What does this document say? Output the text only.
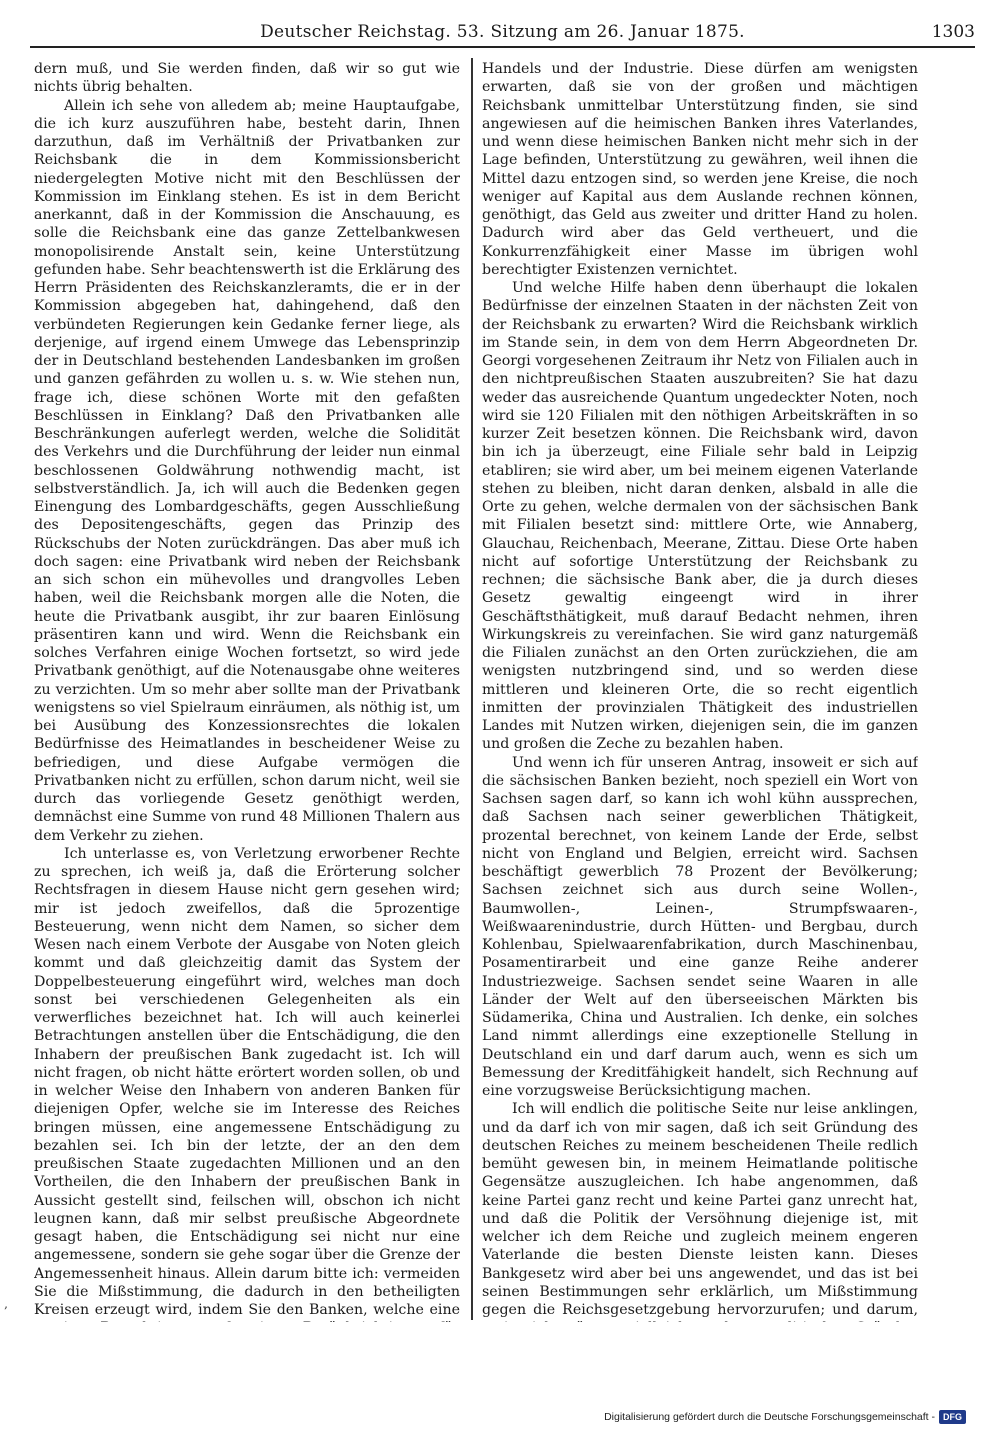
Deutscher Reichstag. 53. Sitzung am 26. Januar 1875.	1303

dern muß, und Sie werden finden, daß wir so gut wie nichts übrig behalten.

Allein ich sehe von alledem ab; meine Hauptaufgabe, die ich kurz auszuführen habe, besteht darin, Ihnen darzuthun, daß im Verhältniß der Privatbanken zur Reichsbank die in dem Kommissionsbericht niedergelegten Motive nicht mit den Beschlüssen der Kommission im Einklang stehen. Es ist in dem Bericht anerkannt, daß in der Kommission die Anschauung, es solle die Reichsbank eine das ganze Zettelbankwesen monopolisirende Anstalt sein, keine Unterstützung gefunden habe. Sehr beachtenswerth ist die Erklärung des Herrn Präsidenten des Reichskanzleramts, die er in der Kommission abgegeben hat, dahingehend, daß den verbündeten Regierungen kein Gedanke ferner liege, als derjenige, auf irgend einem Umwege das Lebensprinzip der in Deutschland bestehenden Landesbanken im großen und ganzen gefährden zu wollen u. s. w. Wie stehen nun, frage ich, diese schönen Worte mit den gefaßten Beschlüssen in Einklang? Daß den Privatbanken alle Beschränkungen auferlegt werden, welche die Solidität des Verkehrs und die Durchführung der leider nun einmal beschlossenen Goldwährung nothwendig macht, ist selbstverständlich. Ja, ich will auch die Bedenken gegen Einengung des Lombardgeschäfts, gegen Ausschließung des Depositengeschäfts, gegen das Prinzip des Rückschubs der Noten zurückdrängen. Das aber muß ich doch sagen: eine Privatbank wird neben der Reichsbank an sich schon ein mühevolles und drangvolles Leben haben, weil die Reichsbank morgen alle die Noten, die heute die Privatbank ausgibt, ihr zur baaren Einlösung präsentiren kann und wird. Wenn die Reichsbank ein solches Verfahren einige Wochen fortsetzt, so wird jede Privatbank genöthigt, auf die Notenausgabe ohne weiteres zu verzichten. Um so mehr aber sollte man der Privatbank wenigstens so viel Spielraum einräumen, als nöthig ist, um bei Ausübung des Konzessionsrechtes die lokalen Bedürfnisse des Heimatlandes in bescheidener Weise zu befriedigen, und diese Aufgabe vermögen die Privatbanken nicht zu erfüllen, schon darum nicht, weil sie durch das vorliegende Gesetz genöthigt werden, demnächst eine Summe von rund 48 Millionen Thalern aus dem Verkehr zu ziehen.

Ich unterlasse es, von Verletzung erworbener Rechte zu sprechen, ich weiß ja, daß die Erörterung solcher Rechtsfragen in diesem Hause nicht gern gesehen wird; mir ist jedoch zweifellos, daß die 5prozentige Besteuerung, wenn nicht dem Namen, so sicher dem Wesen nach einem Verbote der Ausgabe von Noten gleich kommt und daß gleichzeitig damit das System der Doppelbesteuerung eingeführt wird, welches man doch sonst bei verschiedenen Gelegenheiten als ein verwerfliches bezeichnet hat. Ich will auch keinerlei Betrachtungen anstellen über die Entschädigung, die den Inhabern der preußischen Bank zugedacht ist. Ich will nicht fragen, ob nicht hätte erörtert worden sollen, ob und in welcher Weise den Inhabern von anderen Banken für diejenigen Opfer, welche sie im Interesse des Reiches bringen müssen, eine angemessene Entschädigung zu bezahlen sei. Ich bin der letzte, der an den dem preußischen Staate zugedachten Millionen und an den Vortheilen, die den Inhabern der preußischen Bank in Aussicht gestellt sind, feilschen will, obschon ich nicht leugnen kann, daß mir selbst preußische Abgeordnete gesagt haben, die Entschädigung sei nicht nur eine angemessene, sondern sie gehe sogar über die Grenze der Angemessenheit hinaus. Allein darum bitte ich: vermeiden Sie die Mißstimmung, die dadurch in den betheiligten Kreisen erzeugt wird, indem Sie den Banken, welche eine

Handels und der Industrie. Diese dürfen am wenigsten erwarten, daß sie von der großen und mächtigen Reichsbank unmittelbar Unterstützung finden, sie sind angewiesen auf die heimischen Banken ihres Vaterlandes, und wenn diese heimischen Banken nicht mehr sich in der Lage befinden, Unterstützung zu gewähren, weil ihnen die Mittel dazu entzogen sind, so werden jene Kreise, die noch weniger auf Kapital aus dem Auslande rechnen können, genöthigt, das Geld aus zweiter und dritter Hand zu holen. Dadurch wird aber das Geld vertheuert, und die Konkurrenzfähigkeit einer Masse im übrigen wohl berechtigter Existenzen vernichtet.

Und welche Hilfe haben denn überhaupt die lokalen Bedürfnisse der einzelnen Staaten in der nächsten Zeit von der Reichsbank zu erwarten? Wird die Reichsbank wirklich im Stande sein, in dem von dem Herrn Abgeordneten Dr. Georgi vorgesehenen Zeitraum ihr Netz von Filialen auch in den nichtpreußischen Staaten auszubreiten? Sie hat dazu weder das ausreichende Quantum ungedeckter Noten, noch wird sie 120 Filialen mit den nöthigen Arbeitskräften in so kurzer Zeit besetzen können. Die Reichsbank wird, davon bin ich ja überzeugt, eine Filiale sehr bald in Leipzig etabliren; sie wird aber, um bei meinem eigenen Vaterlande stehen zu bleiben, nicht daran denken, alsbald in alle die Orte zu gehen, welche dermalen von der sächsischen Bank mit Filialen besetzt sind: mittlere Orte, wie Annaberg, Glauchau, Reichenbach, Meerane, Zittau. Diese Orte haben nicht auf sofortige Unterstützung der Reichsbank zu rechnen; die sächsische Bank aber, die ja durch dieses Gesetz gewaltig eingeengt wird in ihrer Geschäftsthätigkeit, muß darauf Bedacht nehmen, ihren Wirkungskreis zu vereinfachen. Sie wird ganz naturgemäß die Filialen zunächst an den Orten zurückziehen, die am wenigsten nutzbringend sind, und so werden diese mittleren und kleineren Orte, die so recht eigentlich inmitten der provinzialen Thätigkeit des industriellen Landes mit Nutzen wirken, diejenigen sein, die im ganzen und großen die Zeche zu bezahlen haben.

Und wenn ich für unseren Antrag, insoweit er sich auf die sächsischen Banken bezieht, noch speziell ein Wort von Sachsen sagen darf, so kann ich wohl kühn aussprechen, daß Sachsen nach seiner gewerblichen Thätigkeit, prozental berechnet, von keinem Lande der Erde, selbst nicht von England und Belgien, erreicht wird. Sachsen beschäftigt gewerblich 78 Prozent der Bevölkerung; Sachsen zeichnet sich aus durch seine Wollen-, Baumwollen-, Leinen-, Strumpfswaaren-, Weißwaarenindustrie, durch Hütten- und Bergbau, durch Kohlenbau, Spielwaarenfabrikation, durch Maschinenbau, Posamentirarbeit und eine ganze Reihe anderer Industriezweige. Sachsen sendet seine Waaren in alle Länder der Welt auf den überseeischen Märkten bis Südamerika, China und Australien. Ich denke, ein solches Land nimmt allerdings eine exzeptionelle Stellung in Deutschland ein und darf darum auch, wenn es sich um Bemessung der Kreditfähigkeit handelt, sich Rechnung auf eine vorzugsweise Berücksichtigung machen.

Ich will endlich die politische Seite nur leise anklingen, und da darf ich von mir sagen, daß ich seit Gründung des deutschen Reiches zu meinem bescheidenen Theile redlich bemüht gewesen bin, in meinem Heimatlande politische Gegensätze auszugleichen. Ich habe angenommen, daß keine Partei ganz recht und keine Partei ganz unrecht hat, und daß die Politik der Versöhnung diejenige ist, mit welcher ich dem Reiche und zugleich meinem engeren Vaterlande die besten Dienste leisten kann. Dieses Bankgesetz wird aber bei uns angewendet, und das ist bei seinen Bestimmungen sehr erklärlich, um Mißstimmung gegen die Reichsgesetzgebung hervorzurufen; und darum,

‚
Digitalisierung gefördert durch die Deutsche Forschungsgemeinschaft - DFG
